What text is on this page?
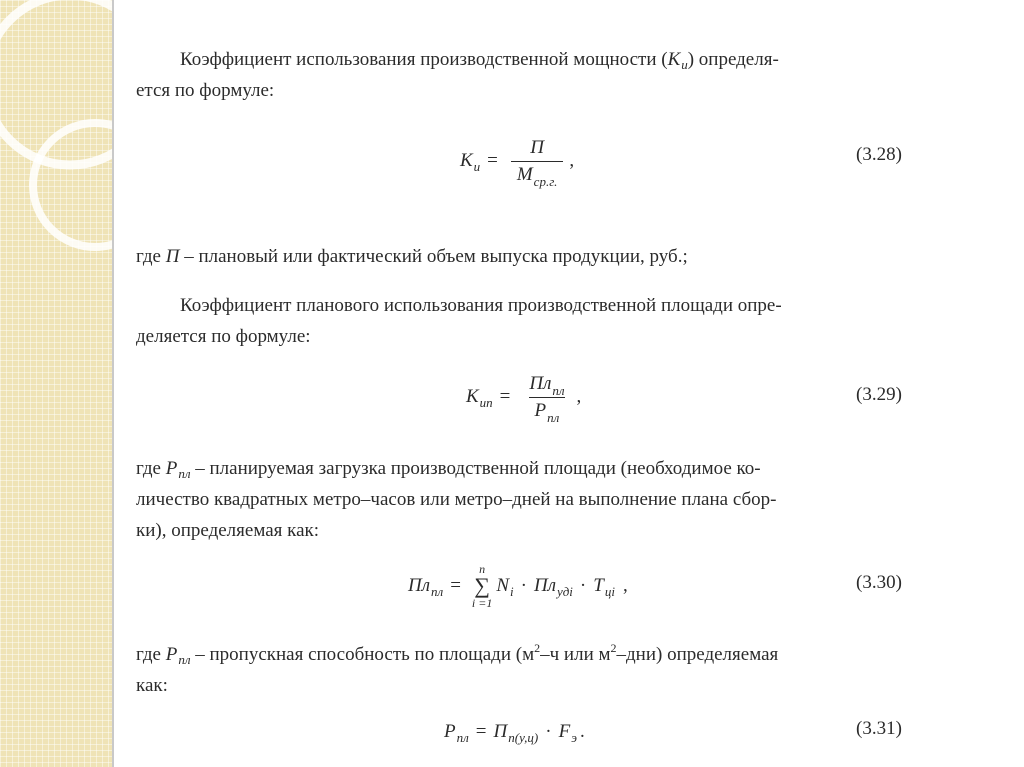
Коэффициент использования производственной мощности $(К_и)$ определя-
ется по формуле:
К $и = \frac{П}{М_{ср.г.}}$ ,	(3.28)
где П – плановый или фактический объем выпуска продукции, руб.;
Коэффициент планового использования производственной площади опре-
деляется по формуле:
К ип = $\frac{Пл_{пл}}{Р_{пл}}$ ,	(3.29)
где $Р_{пл}$ – планируемая загрузка производственной площади (необходимое ко-
личество квадратных метро–часов или метро–дней на выполнение плана сбор-
ки), определяемая как:
Пл пл =
n
∑
i =1
N i · Пл удi · Т цi ,	(3.30)
где $Р_{пл}$ – пропускная способность по площади ($м^2-ч$ или $м^2-дни$) определяемая
как:
Р пл = П п(у,ц) · F э .	(3.31)
